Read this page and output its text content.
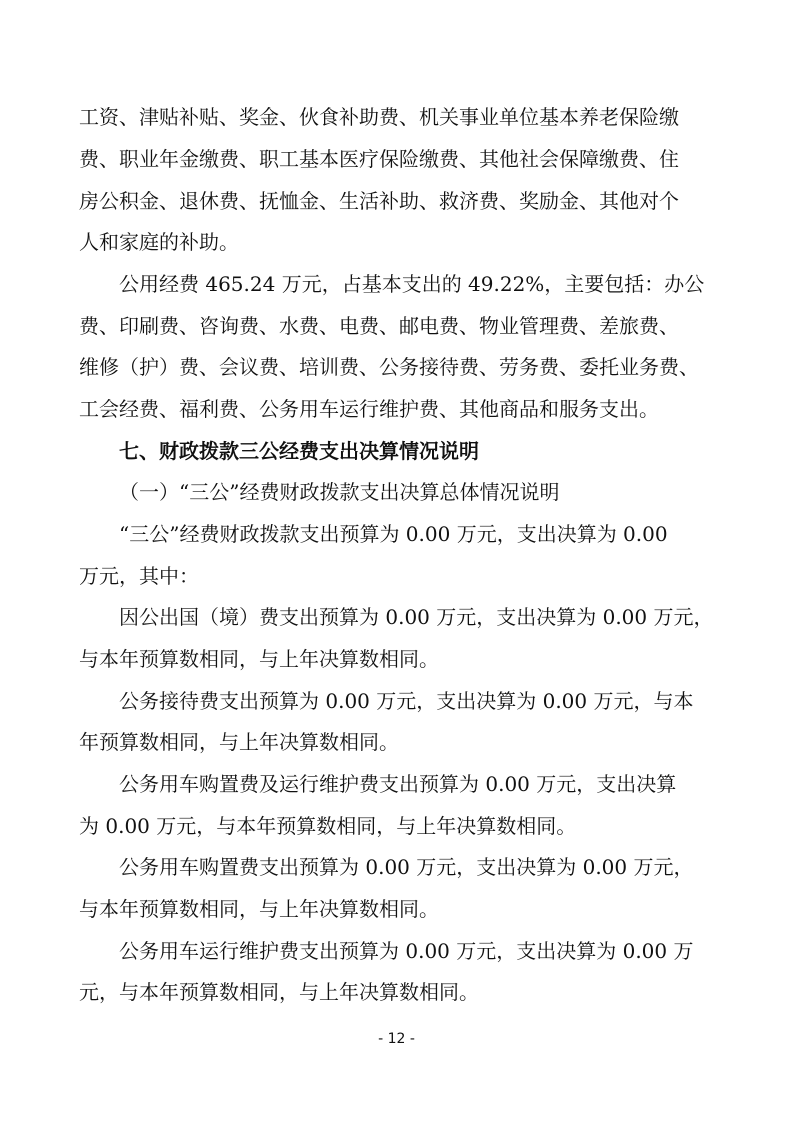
工资、津贴补贴、奖金、伙食补助费、机关事业单位基本养老保险缴
费、职业年金缴费、职工基本医疗保险缴费、其他社会保障缴费、住
房公积金、退休费、抚恤金、生活补助、救济费、奖励金、其他对个
人和家庭的补助。
公用经费 465.24 万元，占基本支出的 49.22%，主要包括：办公
费、印刷费、咨询费、水费、电费、邮电费、物业管理费、差旅费、
维修（护）费、会议费、培训费、公务接待费、劳务费、委托业务费、
工会经费、福利费、公务用车运行维护费、其他商品和服务支出。
七、财政拨款三公经费支出决算情况说明
（一）“三公”经费财政拨款支出决算总体情况说明
“三公”经费财政拨款支出预算为 0.00 万元，支出决算为 0.00
万元，其中：
因公出国（境）费支出预算为 0.00 万元，支出决算为 0.00 万元，
与本年预算数相同，与上年决算数相同。
公务接待费支出预算为 0.00 万元，支出决算为 0.00 万元，与本
年预算数相同，与上年决算数相同。
公务用车购置费及运行维护费支出预算为 0.00 万元，支出决算
为 0.00 万元，与本年预算数相同，与上年决算数相同。
公务用车购置费支出预算为 0.00 万元，支出决算为 0.00 万元，
与本年预算数相同，与上年决算数相同。
公务用车运行维护费支出预算为 0.00 万元，支出决算为 0.00 万
元，与本年预算数相同，与上年决算数相同。
- 12 -
